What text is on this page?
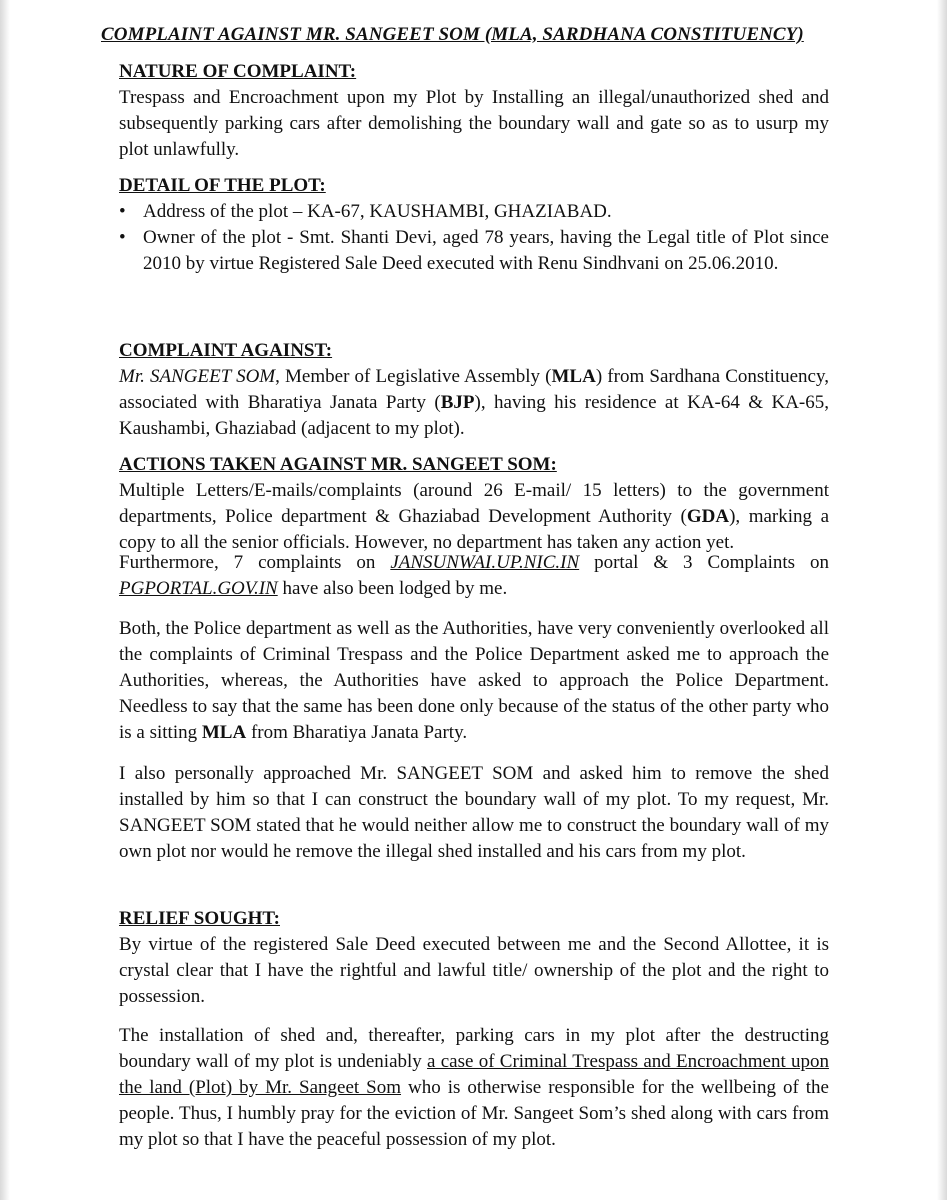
COMPLAINT AGAINST MR. SANGEET SOM (MLA, SARDHANA CONSTITUENCY)
NATURE OF COMPLAINT:

Trespass and Encroachment upon my Plot by Installing an illegal/unauthorized shed and subsequently parking cars after demolishing the boundary wall and gate so as to usurp my plot unlawfully.

DETAIL OF THE PLOT:
• Address of the plot – KA-67, KAUSHAMBI, GHAZIABAD.
• Owner of the plot - Smt. Shanti Devi, aged 78 years, having the Legal title of Plot since 2010 by virtue Registered Sale Deed executed with Renu Sindhvani on 25.06.2010.
COMPLAINT AGAINST:

Mr. SANGEET SOM, Member of Legislative Assembly (MLA) from Sardhana Constituency, associated with Bharatiya Janata Party (BJP), having his residence at KA-64 & KA-65, Kaushambi, Ghaziabad (adjacent to my plot).

ACTIONS TAKEN AGAINST MR. SANGEET SOM:

Multiple Letters/E-mails/complaints (around 26 E-mail/ 15 letters) to the government departments, Police department & Ghaziabad Development Authority (GDA), marking a copy to all the senior officials. However, no department has taken any action yet.

Furthermore, 7 complaints on JANSUNWAI.UP.NIC.IN portal & 3 Complaints on PGPORTAL.GOV.IN have also been lodged by me.

Both, the Police department as well as the Authorities, have very conveniently overlooked all the complaints of Criminal Trespass and the Police Department asked me to approach the Authorities, whereas, the Authorities have asked to approach the Police Department. Needless to say that the same has been done only because of the status of the other party who is a sitting MLA from Bharatiya Janata Party.

I also personally approached Mr. SANGEET SOM and asked him to remove the shed installed by him so that I can construct the boundary wall of my plot. To my request, Mr. SANGEET SOM stated that he would neither allow me to construct the boundary wall of my own plot nor would he remove the illegal shed installed and his cars from my plot.

RELIEF SOUGHT:

By virtue of the registered Sale Deed executed between me and the Second Allottee, it is crystal clear that I have the rightful and lawful title/ ownership of the plot and the right to possession.

The installation of shed and, thereafter, parking cars in my plot after the destructing boundary wall of my plot is undeniably a case of Criminal Trespass and Encroachment upon the land (Plot) by Mr. Sangeet Som who is otherwise responsible for the wellbeing of the people. Thus, I humbly pray for the eviction of Mr. Sangeet Som’s shed along with cars from my plot so that I have the peaceful possession of my plot.
